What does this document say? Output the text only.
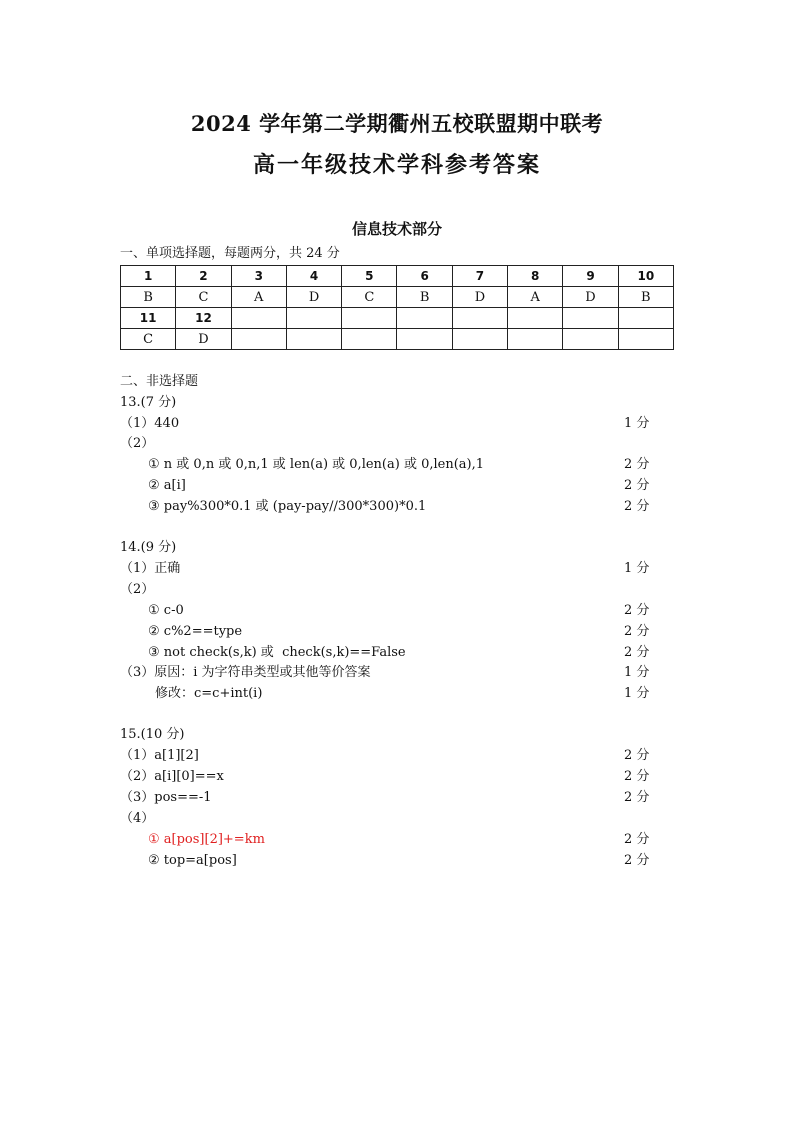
2024 学年第二学期衢州五校联盟期中联考
高一年级技术学科参考答案
信息技术部分
一、单项选择题，每题两分，共 24 分
1	2	3	4	5	6	7	8	9	10
B	C	A	D	C	B	D	A	D	B
11	12								
C	D								
二、非选择题
13.(7 分)
（1）440	1 分
（2）
① n 或 0,n 或 0,n,1 或 len(a) 或 0,len(a) 或 0,len(a),1	2 分
② a[i]	2 分
③ pay%300*0.1 或 (pay-pay//300*300)*0.1	2 分
14.(9 分)
（1）正确	1 分
（2）
① c-0	2 分
② c%2==type	2 分
③ not check(s,k) 或  check(s,k)==False	2 分
（3）原因：i 为字符串类型或其他等价答案	1 分
修改：c=c+int(i)	1 分
15.(10 分)
（1）a[1][2]	2 分
（2）a[i][0]==x	2 分
（3）pos==-1	2 分
（4）
① a[pos][2]+=km	2 分
② top=a[pos]	2 分
